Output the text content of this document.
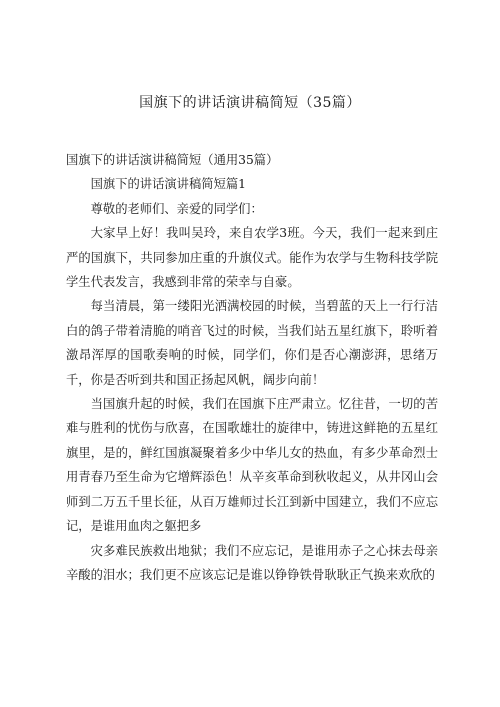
国旗下的讲话演讲稿简短（35篇）

国旗下的讲话演讲稿简短（通用35篇）

国旗下的讲话演讲稿简短篇1

尊敬的老师们、亲爱的同学们：

大家早上好！我叫吴玲，来自农学3班。今天，我们一起来到庄严的国旗下，共同参加庄重的升旗仪式。能作为农学与生物科技学院学生代表发言，我感到非常的荣幸与自豪。

每当清晨，第一缕阳光洒满校园的时候，当碧蓝的天上一行行洁白的鸽子带着清脆的哨音飞过的时候，当我们站五星红旗下，聆听着激昂浑厚的国歌奏响的时候，同学们，你们是否心潮澎湃，思绪万千，你是否听到共和国正扬起风帆，阔步向前！

当国旗升起的时候，我们在国旗下庄严肃立。忆往昔，一切的苦难与胜利的忧伤与欣喜，在国歌雄壮的旋律中，铸进这鲜艳的五星红旗里，是的，鲜红国旗凝聚着多少中华儿女的热血，有多少革命烈士用青春乃至生命为它增辉添色！从辛亥革命到秋收起义，从井冈山会师到二万五千里长征，从百万雄师过长江到新中国建立，我们不应忘记，是谁用血肉之躯把多

灾多难民族救出地狱；我们不应忘记，是谁用赤子之心抹去母亲辛酸的泪水；我们更不应该忘记是谁以铮铮铁骨耿耿正气换来欢欣的
